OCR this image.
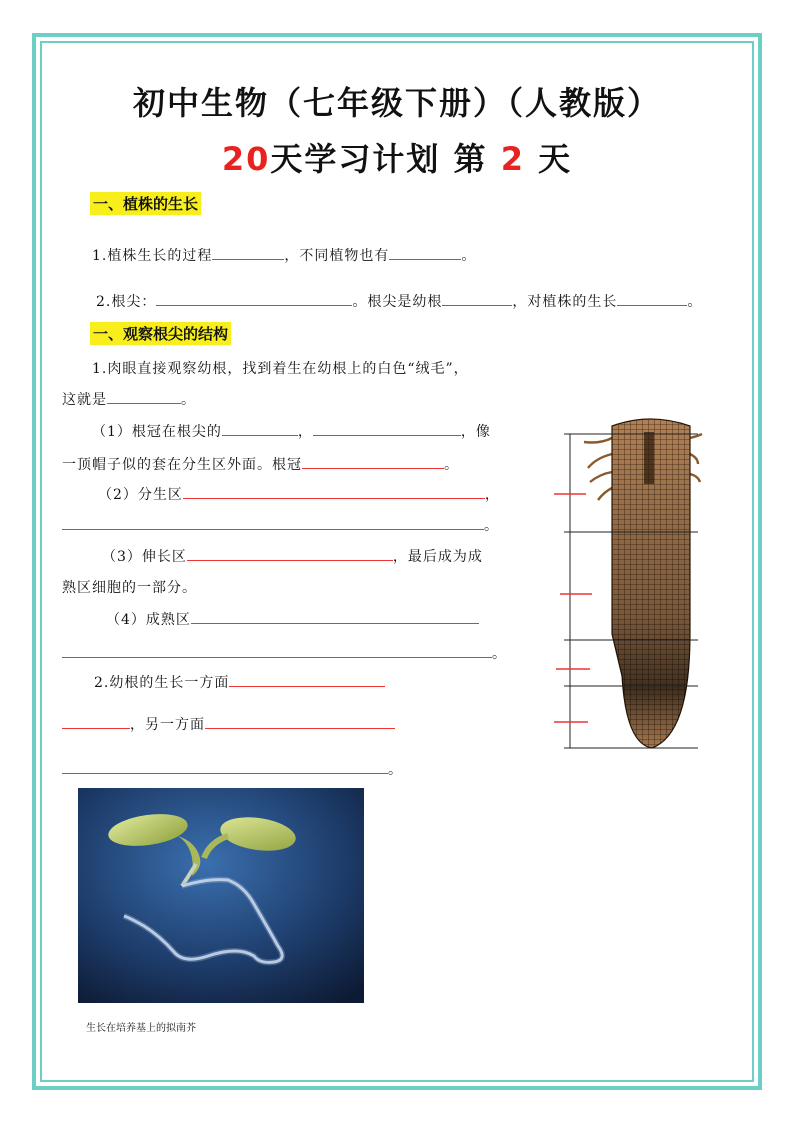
初中生物（七年级下册）（人教版）
20天学习计划 第 2 天
一、植株的生长
1.植株生长的过程	，不同植物也有	。
2.根尖：	。根尖是幼根	，对植株的生长	。
一、观察根尖的结构
1.肉眼直接观察幼根，找到着生在幼根上的白色“绒毛”，
这就是	。
（1）根冠在根尖的	，	，像
一顶帽子似的套在分生区外面。根冠	。
（2）分生区	，
。
（3）伸长区	，最后成为成
熟区细胞的一部分。
（4）成熟区
。
2.幼根的生长一方面
，另一方面
。
生长在培养基上的拟南芥
